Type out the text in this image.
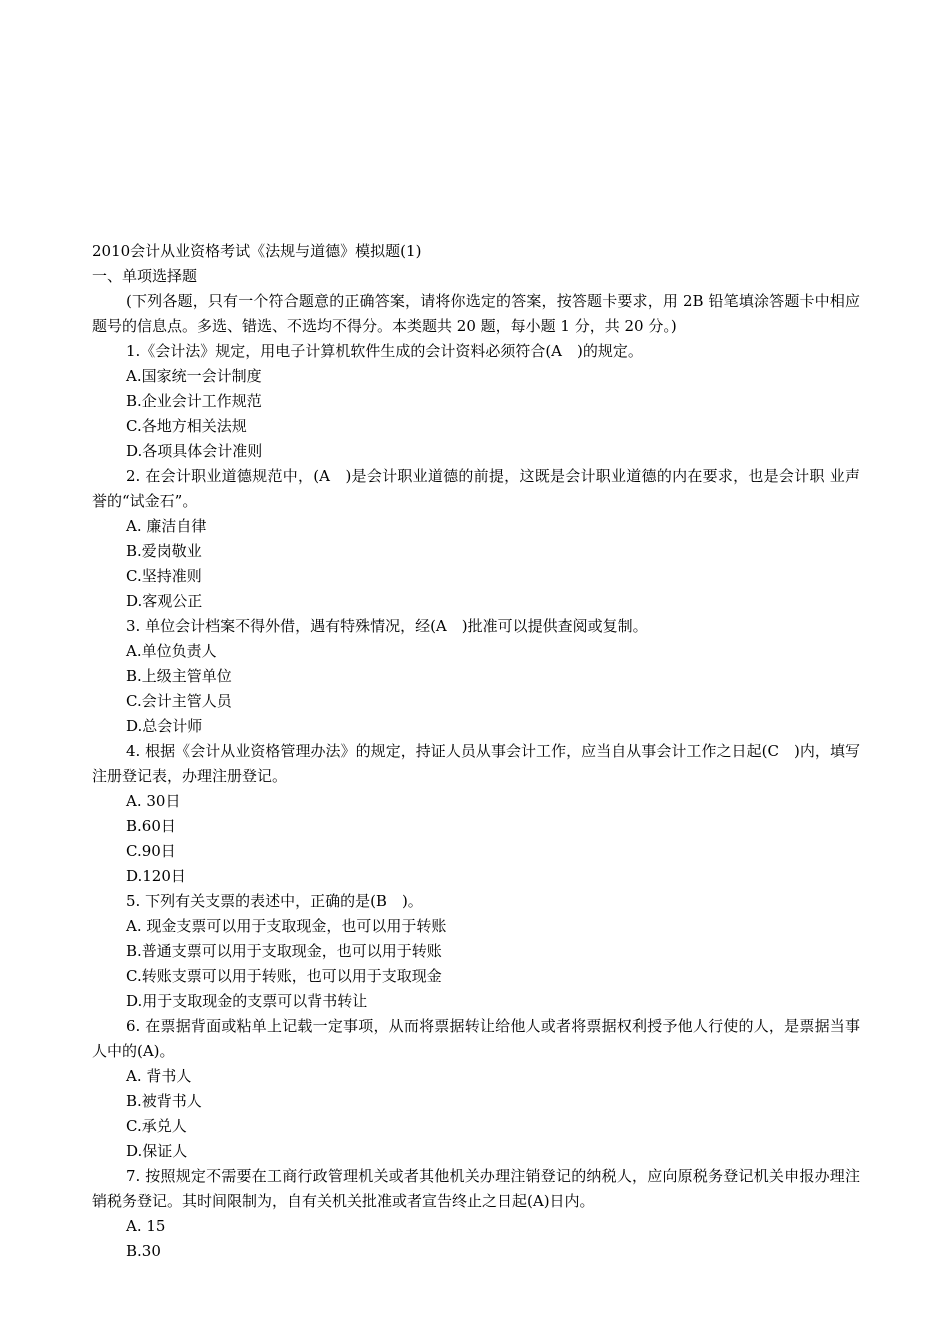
2010会计从业资格考试《法规与道德》模拟题(1)

一、单项选择题

(下列各题，只有一个符合题意的正确答案，请将你选定的答案，按答题卡要求，用 2B 铅笔填涂答题卡中相应题号的信息点。多选、错选、不选均不得分。本类题共 20 题，每小题 1 分，共 20 分。)

1.《会计法》规定，用电子计算机软件生成的会计资料必须符合(A　)的规定。

A.国家统一会计制度

B.企业会计工作规范

C.各地方相关法规

D.各项具体会计准则

2. 在会计职业道德规范中，(A　)是会计职业道德的前提，这既是会计职业道德的内在要求，也是会计职 业声誉的“试金石”。

A. 廉洁自律

B.爱岗敬业

C.坚持准则

D.客观公正

3. 单位会计档案不得外借，遇有特殊情况，经(A　)批准可以提供查阅或复制。

A.单位负责人

B.上级主管单位

C.会计主管人员

D.总会计师

4. 根据《会计从业资格管理办法》的规定，持证人员从事会计工作，应当自从事会计工作之日起(C　)内，填写注册登记表，办理注册登记。

A. 30日

B.60日

C.90日

D.120日

5. 下列有关支票的表述中，正确的是(B　)。

A. 现金支票可以用于支取现金，也可以用于转账

B.普通支票可以用于支取现金，也可以用于转账

C.转账支票可以用于转账，也可以用于支取现金

D.用于支取现金的支票可以背书转让

6. 在票据背面或粘单上记载一定事项，从而将票据转让给他人或者将票据权利授予他人行使的人，是票据当事人中的(A)。

A. 背书人

B.被背书人

C.承兑人

D.保证人

7. 按照规定不需要在工商行政管理机关或者其他机关办理注销登记的纳税人，应向原税务登记机关申报办理注销税务登记。其时间限制为，自有关机关批准或者宣告终止之日起(A)日内。

A. 15

B.30
